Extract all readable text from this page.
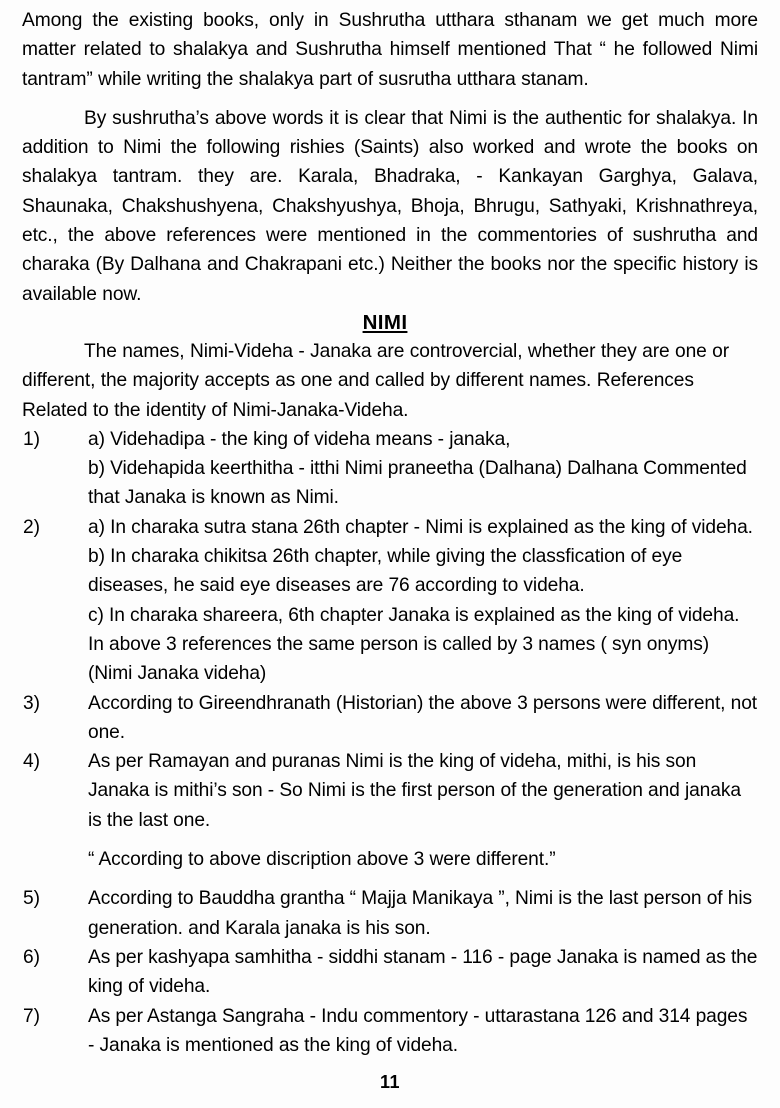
Among the existing books, only in Sushrutha utthara sthanam we get much more matter related to shalakya and Sushrutha himself mentioned That “ he followed Nimi tantram” while writing the shalakya part of susrutha utthara stanam.

By sushrutha’s above words it is clear that Nimi is the authentic for shalakya. In addition to Nimi the following rishies (Saints) also worked and wrote the books on shalakya tantram. they are. Karala, Bhadraka, - Kankayan Garghya, Galava, Shaunaka, Chakshushyena, Chakshyushya, Bhoja, Bhrugu, Sathyaki, Krishnathreya, etc., the above references were mentioned in the commentories of sushrutha and charaka (By Dalhana and Chakrapani etc.) Neither the books nor the specific history is available now.

NIMI

The names, Nimi-Videha - Janaka are controvercial, whether they are one or different, the majority accepts as one and called by different names. References Related to the identity of Nimi-Janaka-Videha.

1)	a) Videhadipa - the king of videha means - janaka,
b) Videhapida keerthitha - itthi Nimi praneetha (Dalhana) Dalhana Commented that Janaka is known as Nimi.
2)	a) In charaka sutra stana 26th chapter - Nimi is explained as the king of videha.
b) In charaka chikitsa 26th chapter, while giving the classfication of eye diseases, he said eye diseases are 76 according to videha.
c) In charaka shareera, 6th chapter Janaka is explained as the king of videha.
In above 3 references the same person is called by 3 names ( syn onyms) (Nimi Janaka videha)
3)	According to Gireendhranath (Historian) the above 3 persons were different, not one.
4)	As per Ramayan and puranas Nimi is the king of videha, mithi, is his son Janaka is mithi’s son - So Nimi is the first person of the generation and janaka is the last one.
“ According to above discription above 3 were different.”
5)	According to Bauddha grantha “ Majja Manikaya ”, Nimi is the last person of his generation. and Karala janaka is his son.
6)	As per kashyapa samhitha - siddhi stanam - 116 - page Janaka is named as the king of videha.
7)	As per Astanga Sangraha - Indu commentory - uttarastana 126 and 314 pages - Janaka is mentioned as the king of videha.
11
